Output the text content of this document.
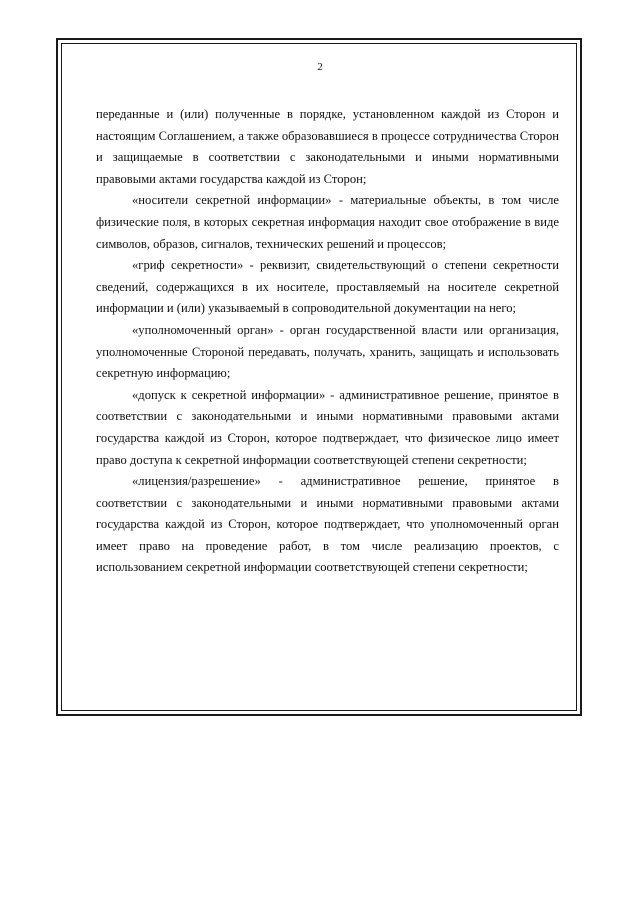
2

переданные и (или) полученные в порядке, установленном каждой из Сторон и настоящим Соглашением, а также образовавшиеся в процессе сотрудничества Сторон и защищаемые в соответствии с законодательными и иными нормативными правовыми актами государства каждой из Сторон;

«носители секретной информации» - материальные объекты, в том числе физические поля, в которых секретная информация находит свое отображение в виде символов, образов, сигналов, технических решений и процессов;

«гриф секретности» - реквизит, свидетельствующий о степени секретности сведений, содержащихся в их носителе, проставляемый на носителе секретной информации и (или) указываемый в сопроводительной документации на него;

«уполномоченный орган» - орган государственной власти или организация, уполномоченные Стороной передавать, получать, хранить, защищать и использовать секретную информацию;

«допуск к секретной информации» - административное решение, принятое в соответствии с законодательными и иными нормативными правовыми актами государства каждой из Сторон, которое подтверждает, что физическое лицо имеет право доступа к секретной информации соответствующей степени секретности;

«лицензия/разрешение» - административное решение, принятое в соответствии с законодательными и иными нормативными правовыми актами государства каждой из Сторон, которое подтверждает, что уполномоченный орган имеет право на проведение работ, в том числе реализацию проектов, с использованием секретной информации соответствующей степени секретности;
